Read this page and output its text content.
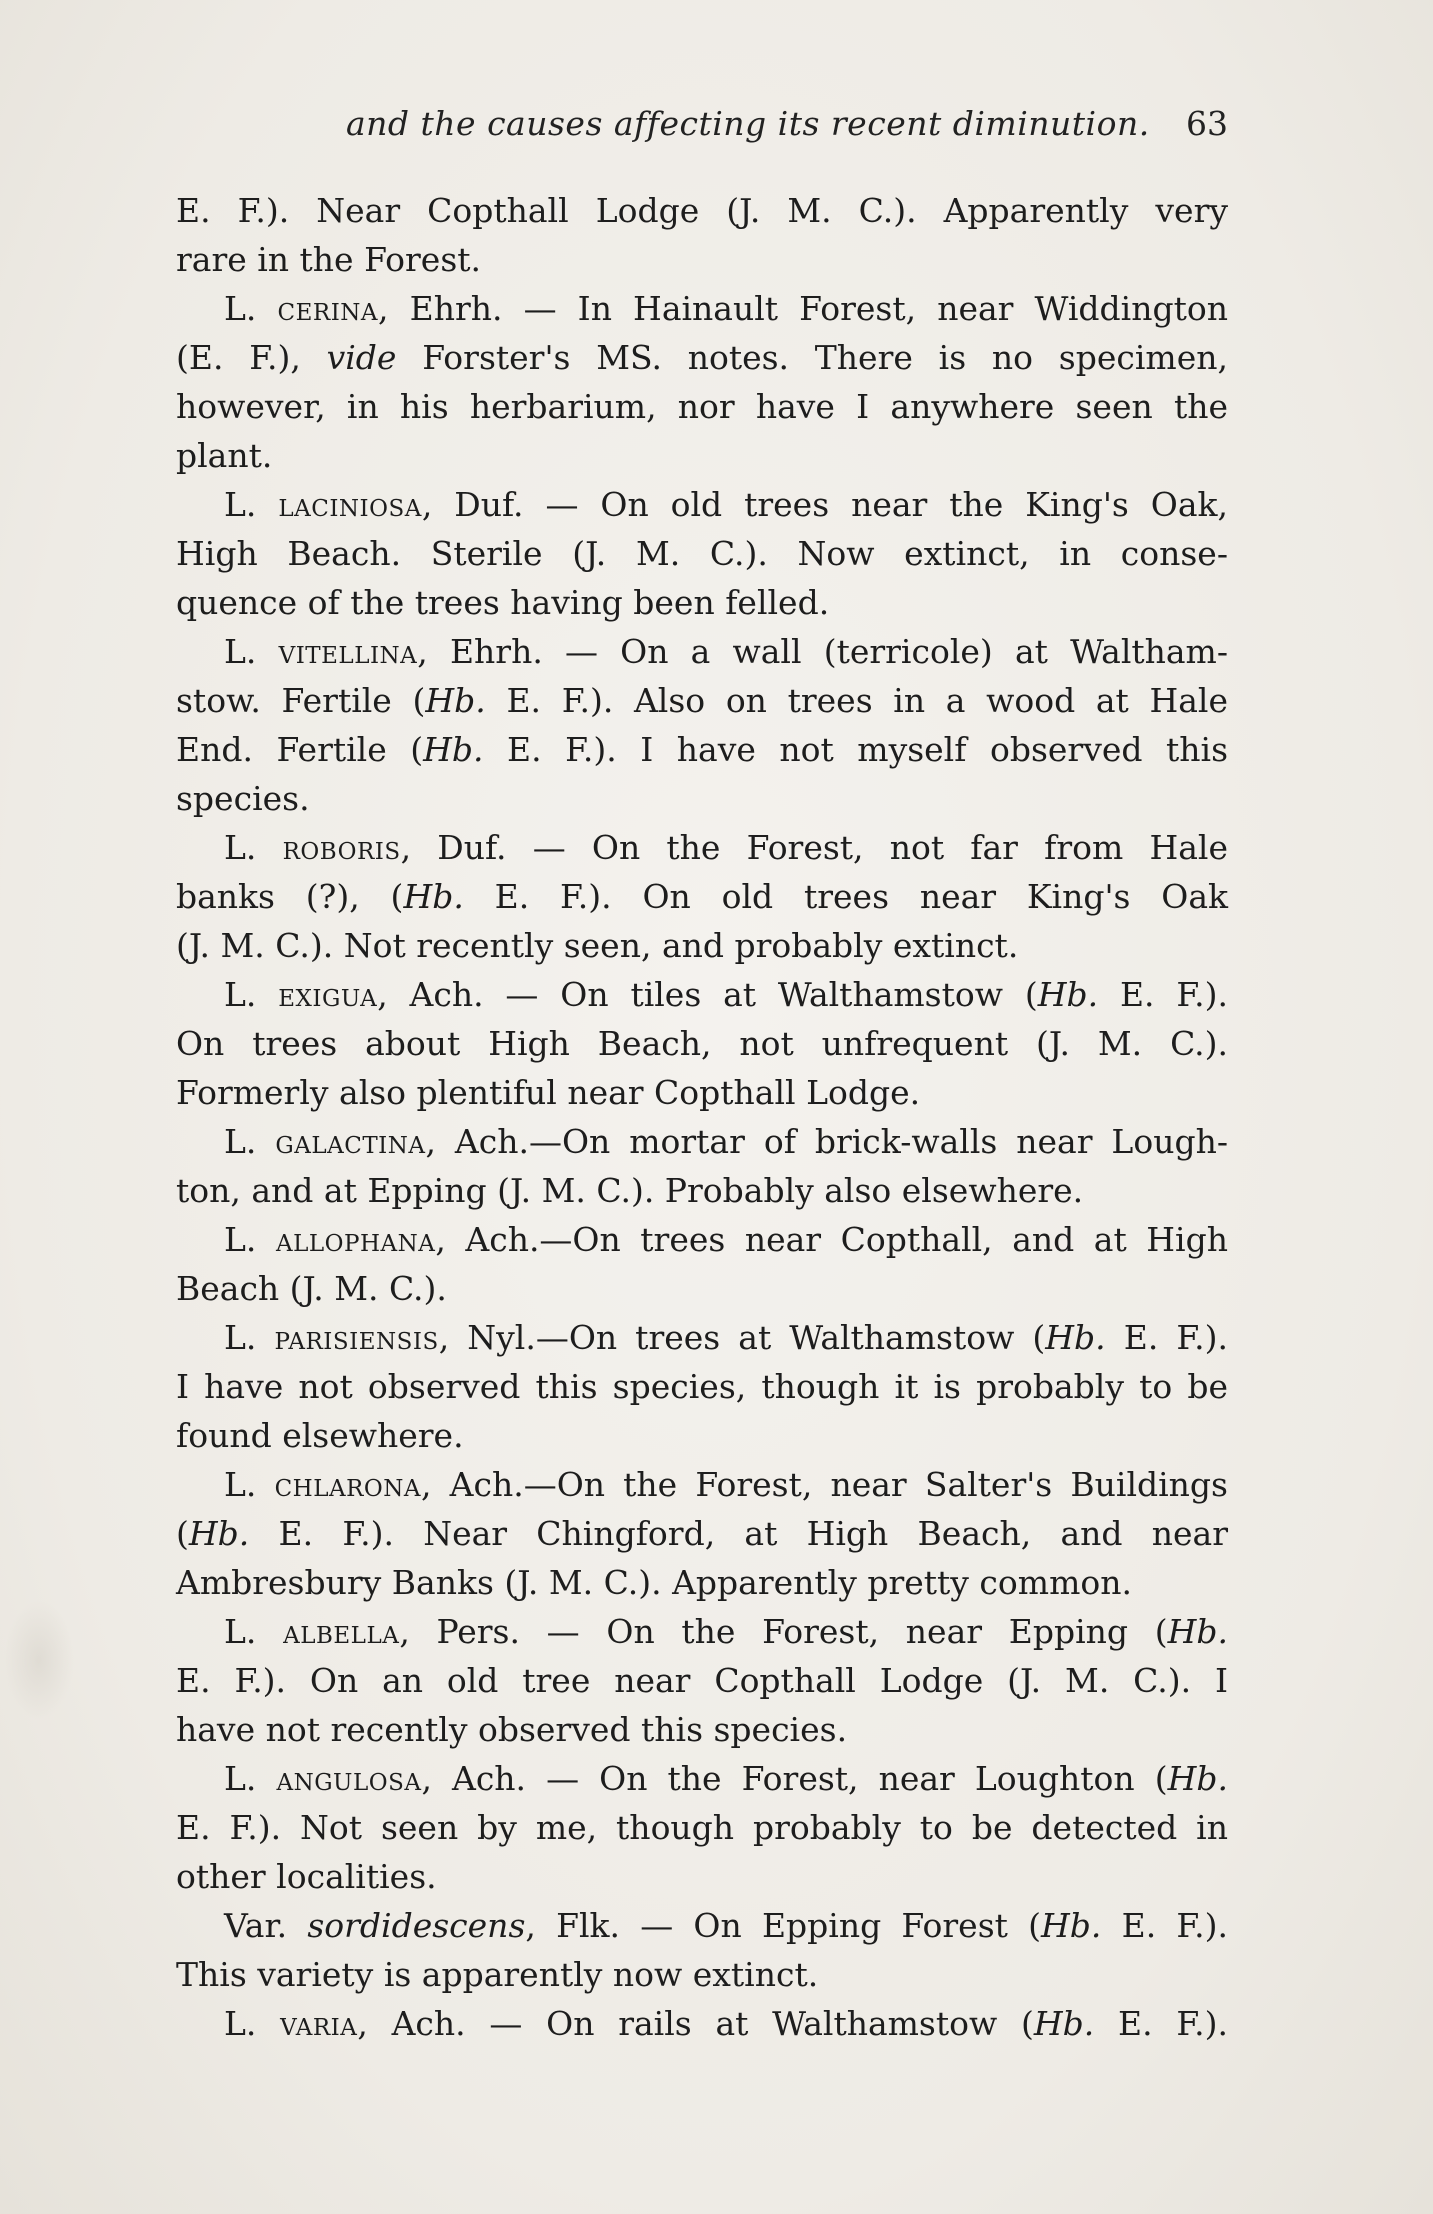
and the causes affecting its recent diminution. 63
E. F.). Near Copthall Lodge (J. M. C.). Apparently very
rare in the Forest.
L. cerina, Ehrh. — In Hainault Forest, near Widdington
(E. F.), vide Forster's MS. notes. There is no specimen,
however, in his herbarium, nor have I anywhere seen the
plant.
L. laciniosa, Duf. — On old trees near the King's Oak,
High Beach. Sterile (J. M. C.). Now extinct, in conse-
quence of the trees having been felled.
L. vitellina, Ehrh. — On a wall (terricole) at Waltham-
stow. Fertile (Hb. E. F.). Also on trees in a wood at Hale
End. Fertile (Hb. E. F.). I have not myself observed this
species.
L. roboris, Duf. — On the Forest, not far from Hale
banks (?), (Hb. E. F.). On old trees near King's Oak
(J. M. C.). Not recently seen, and probably extinct.
L. exigua, Ach. — On tiles at Walthamstow (Hb. E. F.).
On trees about High Beach, not unfrequent (J. M. C.).
Formerly also plentiful near Copthall Lodge.
L. galactina, Ach.—On mortar of brick-walls near Lough-
ton, and at Epping (J. M. C.). Probably also elsewhere.
L. allophana, Ach.—On trees near Copthall, and at High
Beach (J. M. C.).
L. parisiensis, Nyl.—On trees at Walthamstow (Hb. E. F.).
I have not observed this species, though it is probably to be
found elsewhere.
L. chlarona, Ach.—On the Forest, near Salter's Buildings
(Hb. E. F.). Near Chingford, at High Beach, and near
Ambresbury Banks (J. M. C.). Apparently pretty common.
L. albella, Pers. — On the Forest, near Epping (Hb.
E. F.). On an old tree near Copthall Lodge (J. M. C.). I
have not recently observed this species.
L. angulosa, Ach. — On the Forest, near Loughton (Hb.
E. F.). Not seen by me, though probably to be detected in
other localities.
Var. sordidescens, Flk. — On Epping Forest (Hb. E. F.).
This variety is apparently now extinct.
L. varia, Ach. — On rails at Walthamstow (Hb. E. F.).
